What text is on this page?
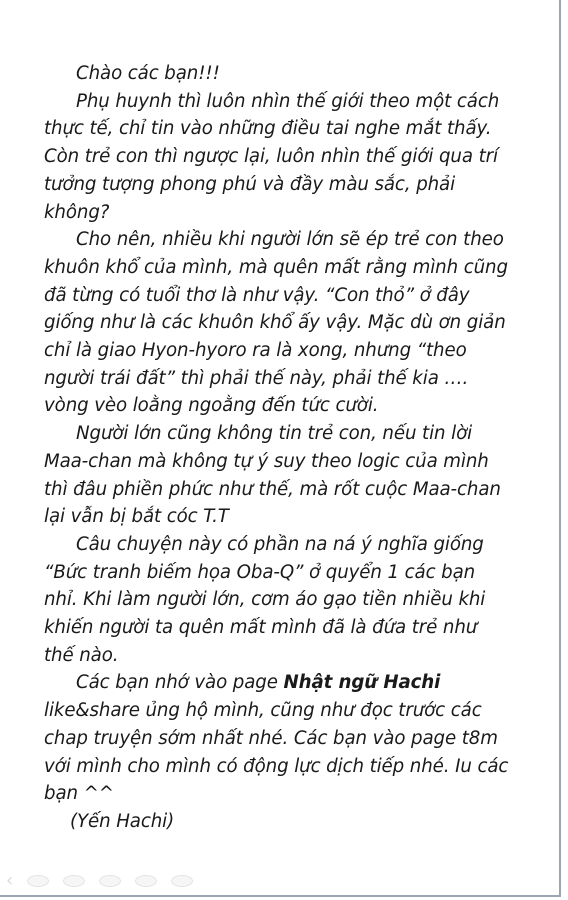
Chào các bạn!!!
Phụ huynh thì luôn nhìn thế giới theo một cách
thực tế, chỉ tin vào những điều tai nghe mắt thấy.
Còn trẻ con thì ngược lại, luôn nhìn thế giới qua trí
tưởng tượng phong phú và đầy màu sắc, phải
không?
Cho nên, nhiều khi người lớn sẽ ép trẻ con theo
khuôn khổ của mình, mà quên mất rằng mình cũng
đã từng có tuổi thơ là như vậy. “Con thỏ” ở đây
giống như là các khuôn khổ ấy vậy. Mặc dù ơn giản
chỉ là giao Hyon-hyoro ra là xong, nhưng “theo
người trái đất” thì phải thế này, phải thế kia ….
vòng vèo loằng ngoằng đến tức cười.
Người lớn cũng không tin trẻ con, nếu tin lời
Maa-chan mà không tự ý suy theo logic của mình
thì đâu phiền phức như thế, mà rốt cuộc Maa-chan
lại vẫn bị bắt cóc T.T
Câu chuyện này có phần na ná ý nghĩa giống
“Bức tranh biếm họa Oba-Q” ở quyển 1 các bạn
nhỉ. Khi làm người lớn, cơm áo gạo tiền nhiều khi
khiến người ta quên mất mình đã là đứa trẻ như
thế nào.
Các bạn nhớ vào page Nhật ngữ Hachi
like&share ủng hộ mình, cũng như đọc trước các
chap truyện sớm nhất nhé. Các bạn vào page t8m
với mình cho mình có động lực dịch tiếp nhé. Iu các
bạn ^^
(Yến Hachi)
‹
